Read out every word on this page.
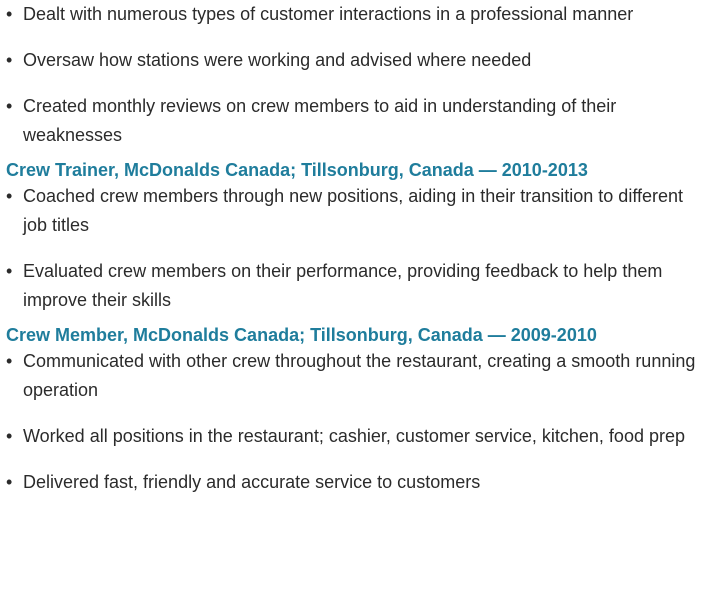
• Dealt with numerous types of customer interactions in a professional manner
• Oversaw how stations were working and advised where needed
• Created monthly reviews on crew members to aid in understanding of their weaknesses
Crew Trainer, McDonalds Canada; Tillsonburg, Canada — 2010-2013
• Coached crew members through new positions, aiding in their transition to different job titles
• Evaluated crew members on their performance, providing feedback to help them improve their skills
Crew Member, McDonalds Canada; Tillsonburg, Canada — 2009-2010
• Communicated with other crew throughout the restaurant, creating a smooth running operation
• Worked all positions in the restaurant; cashier, customer service, kitchen, food prep
• Delivered fast, friendly and accurate service to customers
